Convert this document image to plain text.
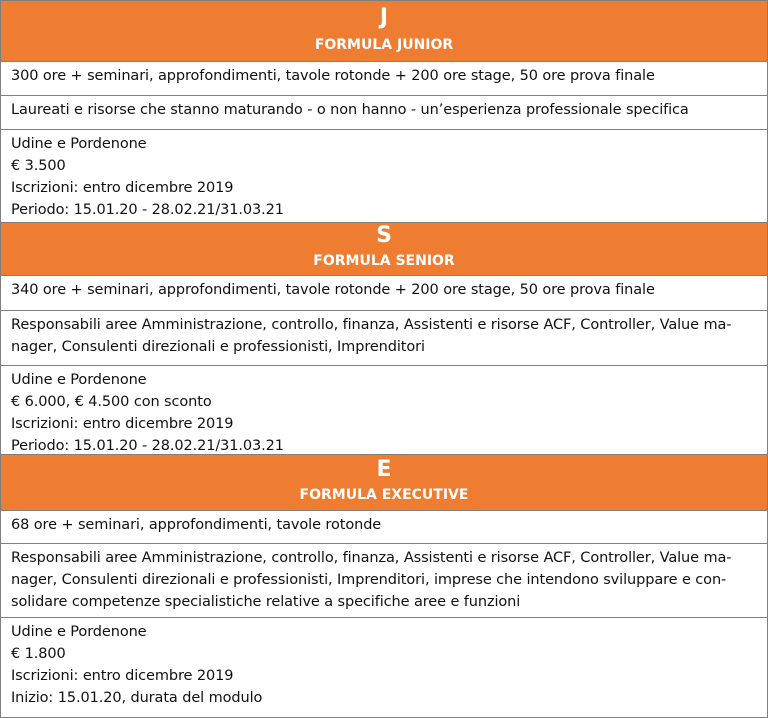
J
FORMULA JUNIOR
300 ore + seminari, approfondimenti, tavole rotonde + 200 ore stage, 50 ore prova finale
Laureati e risorse che stanno maturando - o non hanno - un’esperienza professionale specifica
Udine e Pordenone
€ 3.500
Iscrizioni: entro dicembre 2019
Periodo: 15.01.20 - 28.02.21/31.03.21
S
FORMULA SENIOR
340 ore + seminari, approfondimenti, tavole rotonde + 200 ore stage, 50 ore prova finale
Responsabili aree Amministrazione, controllo, finanza, Assistenti e risorse ACF, Controller, Value ma-
nager, Consulenti direzionali e professionisti, Imprenditori
Udine e Pordenone
€ 6.000, € 4.500 con sconto
Iscrizioni: entro dicembre 2019
Periodo: 15.01.20 - 28.02.21/31.03.21
E
FORMULA EXECUTIVE
68 ore + seminari, approfondimenti, tavole rotonde
Responsabili aree Amministrazione, controllo, finanza, Assistenti e risorse ACF, Controller, Value ma-
nager, Consulenti direzionali e professionisti, Imprenditori, imprese che intendono sviluppare e con-
solidare competenze specialistiche relative a specifiche aree e funzioni
Udine e Pordenone
€ 1.800
Iscrizioni: entro dicembre 2019
Inizio: 15.01.20, durata del modulo
